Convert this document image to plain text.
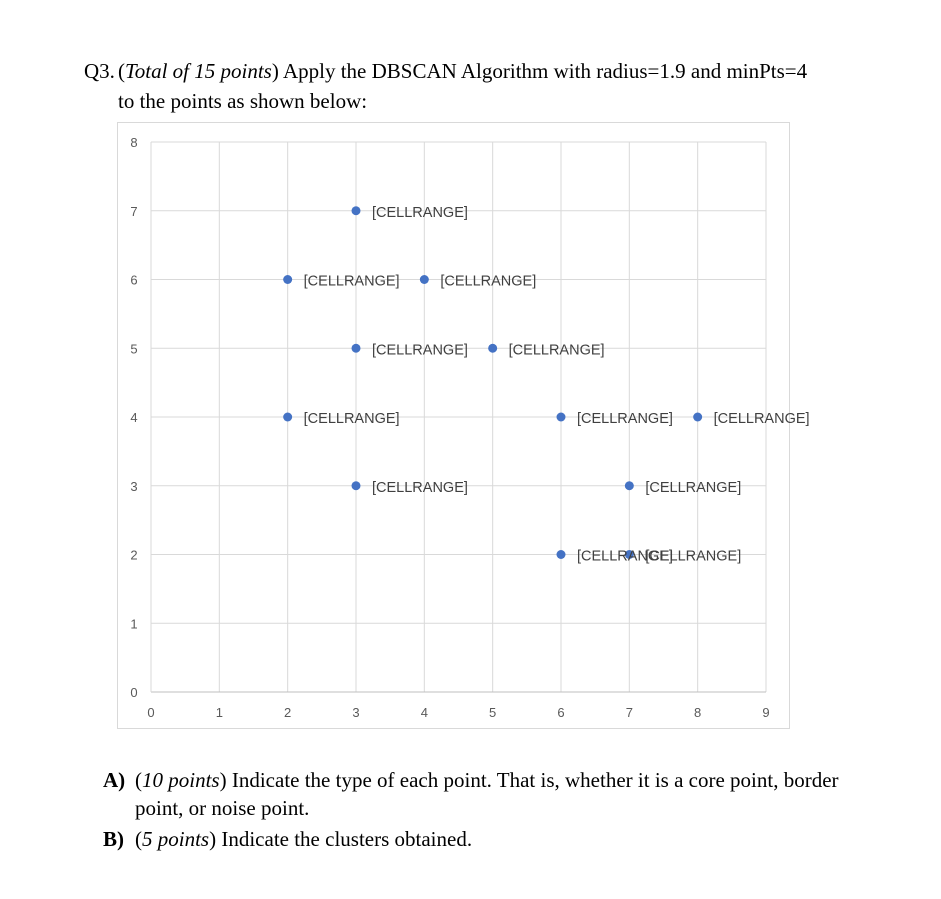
Q3. (Total of 15 points) Apply the DBSCAN Algorithm with radius=1.9 and minPts=4
to the points as shown below:
0	1	2	3	4	5	6	7	8	9
0
1
2
3
4
5
6
7
8
[CELLRANGE]
[CELLRANGE]	[CELLRANGE]
[CELLRANGE]	[CELLRANGE]
[CELLRANGE]	[CELLRANGE]	[CELLRANGE]
[CELLRANGE]	[CELLRANGE]
[CELLRANGE]
[CELLRANGE]
A) (10 points) Indicate the type of each point. That is, whether it is a core point, border point, or noise point.
B) (5 points) Indicate the clusters obtained.
